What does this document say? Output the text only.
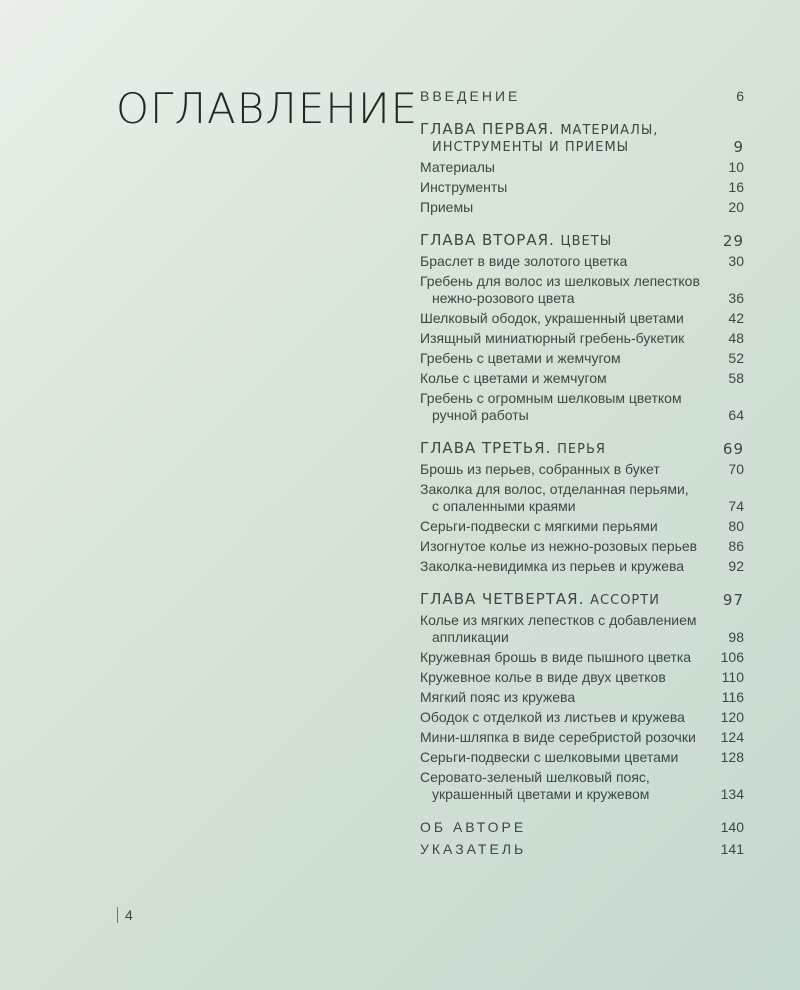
ОГЛАВЛЕНИЕ ВВЕДЕНИЕ	6
ГЛАВА ПЕРВАЯ. МАТЕРИАЛЫ,
ИНСТРУМЕНТЫ И ПРИЕМЫ	9
Материалы	10
Инструменты	16
Приемы	20
ГЛАВА ВТОРАЯ. ЦВЕТЫ	29
Браслет в виде золотого цветка	30
Гребень для волос из шелковых лепестков
нежно-розового цвета	36
Шелковый ободок, украшенный цветами	42
Изящный миниатюрный гребень-букетик	48
Гребень с цветами и жемчугом	52
Колье с цветами и жемчугом	58
Гребень с огромным шелковым цветком
ручной работы	64
ГЛАВА ТРЕТЬЯ. ПЕРЬЯ	69
Брошь из перьев, собранных в букет	70
Заколка для волос, отделанная перьями,
с опаленными краями	74
Серьги-подвески с мягкими перьями	80
Изогнутое колье из нежно-розовых перьев	86
Заколка-невидимка из перьев и кружева	92
ГЛАВА ЧЕТВЕРТАЯ. АССОРТИ	97
Колье из мягких лепестков с добавлением
аппликации	98
Кружевная брошь в виде пышного цветка	106
Кружевное колье в виде двух цветков	110
Мягкий пояс из кружева	116
Ободок с отделкой из листьев и кружева	120
Мини-шляпка в виде серебристой розочки	124
Серьги-подвески с шелковыми цветами	128
Серовато-зеленый шелковый пояс,
украшенный цветами и кружевом	134
ОБ АВТОРЕ	140
УКАЗАТЕЛЬ	141
4
